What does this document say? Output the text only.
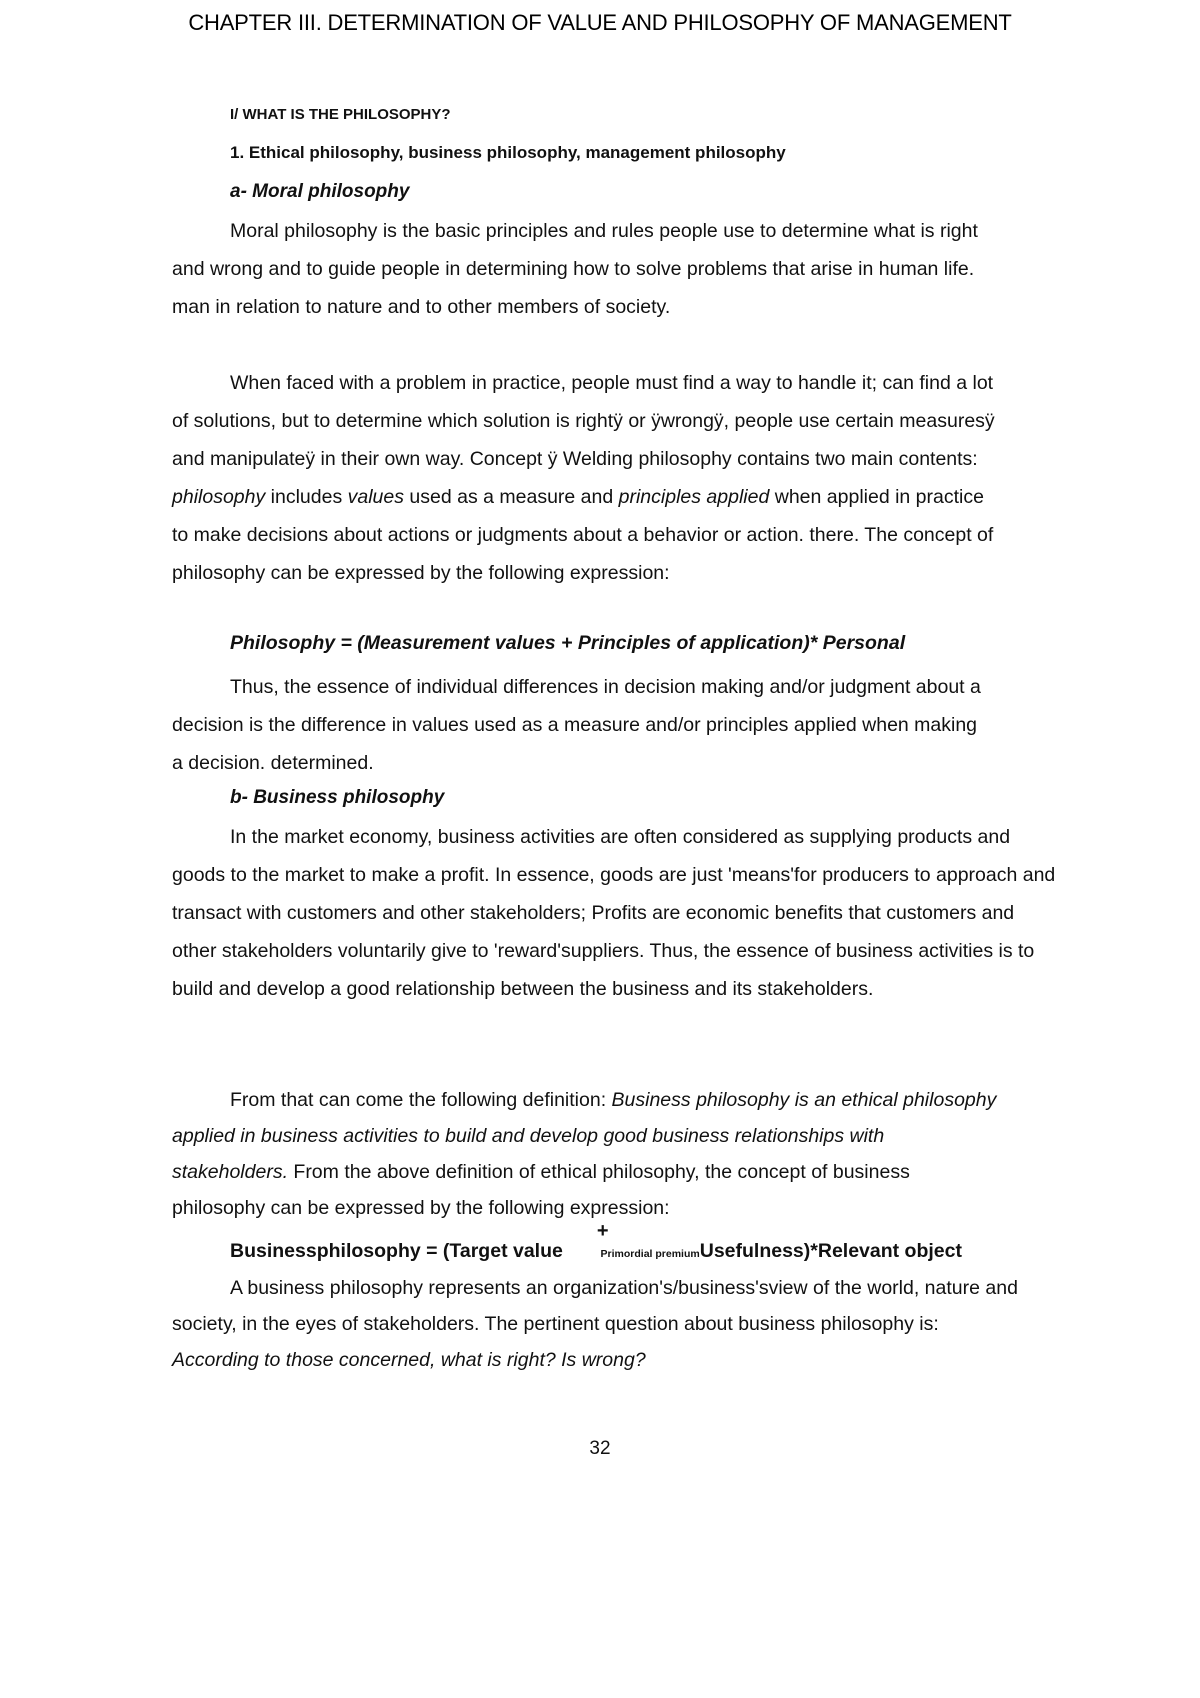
CHAPTER III. DETERMINATION OF VALUE AND PHILOSOPHY OF MANAGEMENT
I/ WHAT IS THE PHILOSOPHY?
1. Ethical philosophy, business philosophy, management philosophy
a- Moral philosophy
Moral philosophy is the basic principles and rules people use to determine what is right
and wrong and to guide people in determining how to solve problems that arise in human life.
man in relation to nature and to other members of society.
When faced with a problem in practice, people must find a way to handle it; can find a lot
of solutions, but to determine which solution is rightÿ or ÿwrongÿ, people use certain measuresÿ
and manipulateÿ in their own way. Concept ÿ Welding philosophy contains two main contents:
philosophy includes values used as a measure and principles applied when applied in practice
to make decisions about actions or judgments about a behavior or action. there. The concept of
philosophy can be expressed by the following expression:
Philosophy = (Measurement values + Principles of application)* Personal
Thus, the essence of individual differences in decision making and/or judgment about a
decision is the difference in values used as a measure and/or principles applied when making
a decision. determined.
b- Business philosophy
In the market economy, business activities are often considered as supplying products and
goods to the market to make a profit. In essence, goods are just 'means'for producers to approach and
transact with customers and other stakeholders; Profits are economic benefits that customers and
other stakeholders voluntarily give to 'reward'suppliers. Thus, the essence of business activities is to
build and develop a good relationship between the business and its stakeholders.
From that can come the following definition: Business philosophy is an ethical philosophy
applied in business activities to build and develop good business relationships with
stakeholders. From the above definition of ethical philosophy, the concept of business
philosophy can be expressed by the following expression:
Businessphilosophy = (Target value+Primordial premiumUsefulness)*Relevant object
A business philosophy represents an organization's/business'sview of the world, nature and
society, in the eyes of stakeholders. The pertinent question about business philosophy is:
According to those concerned, what is right? Is wrong?
32
